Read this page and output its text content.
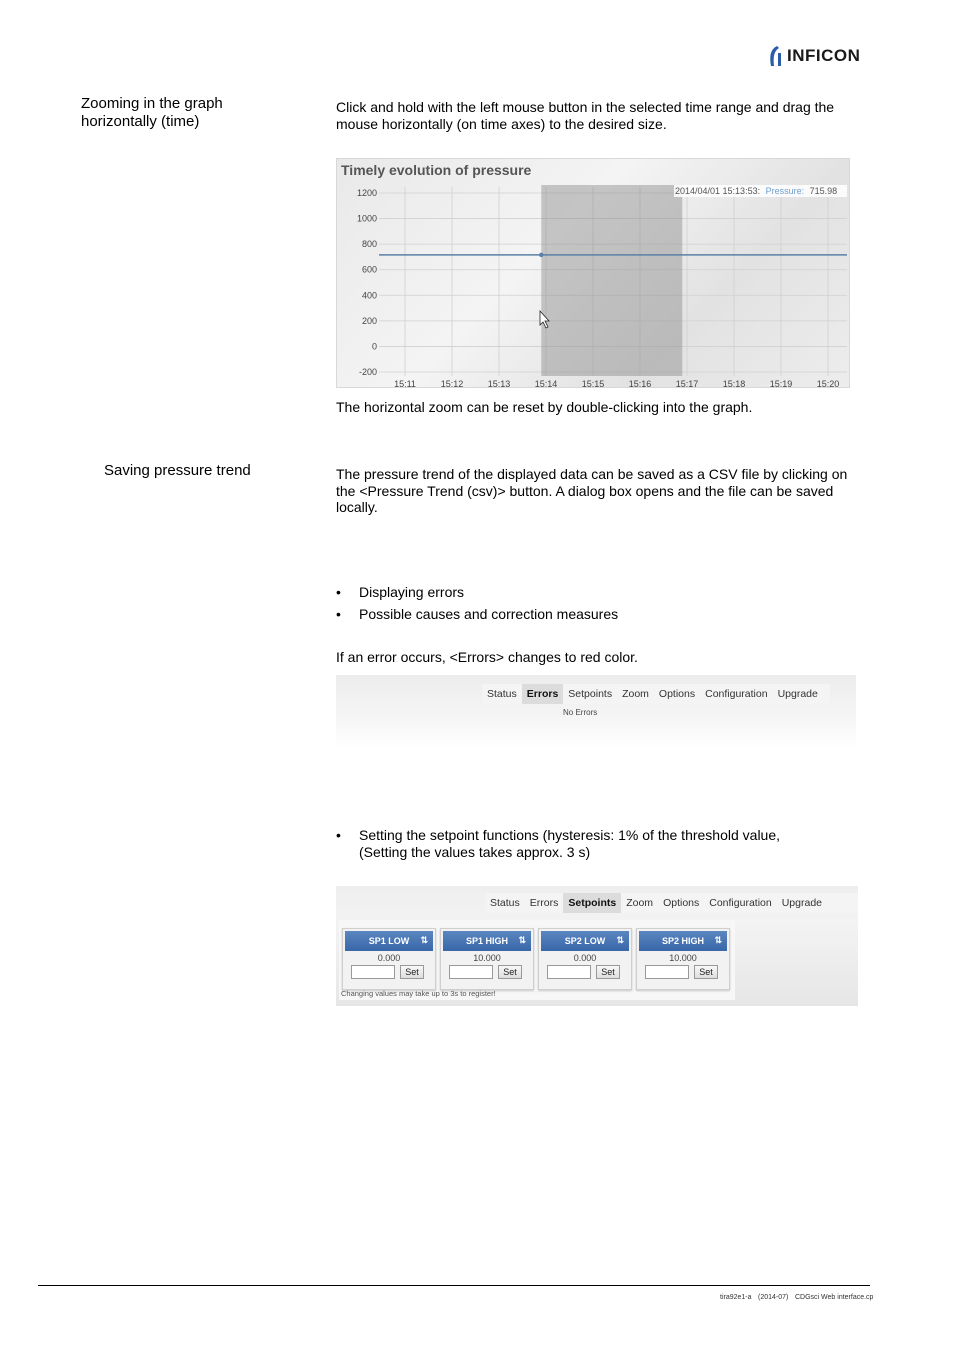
INFICON
Zooming in the graph
horizontally (time)
Click and hold with the left mouse button in the selected time range and drag the
mouse horizontally (on time axes) to the desired size.
1200
1000
800
600
400
200
0
-200
15:11	15:12	15:13	15:14	15:15	15:16	15:17	15:18	15:19	15:20
2014/04/01 15:13:53: Pressure: 715.98
Timely evolution of pressure
The horizontal zoom can be reset by double-clicking into the graph.
Saving pressure trend	The pressure trend of the displayed data can be saved as a CSV file by clicking on
the <Pressure Trend (csv)> button. A dialog box opens and the file can be saved
locally.
• Displaying errors
• Possible causes and correction measures
If an error occurs, <Errors> changes to red color.
Status Errors Setpoints Zoom Options Configuration Upgrade
No Errors
• Setting the setpoint functions (hysteresis: 1% of the threshold value,
(Setting the values takes approx. 3 s)
Status Errors Setpoints Zoom Options Configuration Upgrade
SP1 LOW ⇅
0.000
Set
SP1 HIGH ⇅
10.000
Set
SP2 LOW ⇅
0.000
Set
SP2 HIGH ⇅
10.000
Set
Changing values may take up to 3s to register!
tira92e1-a (2014-07) CDGsci Web interface.cp
